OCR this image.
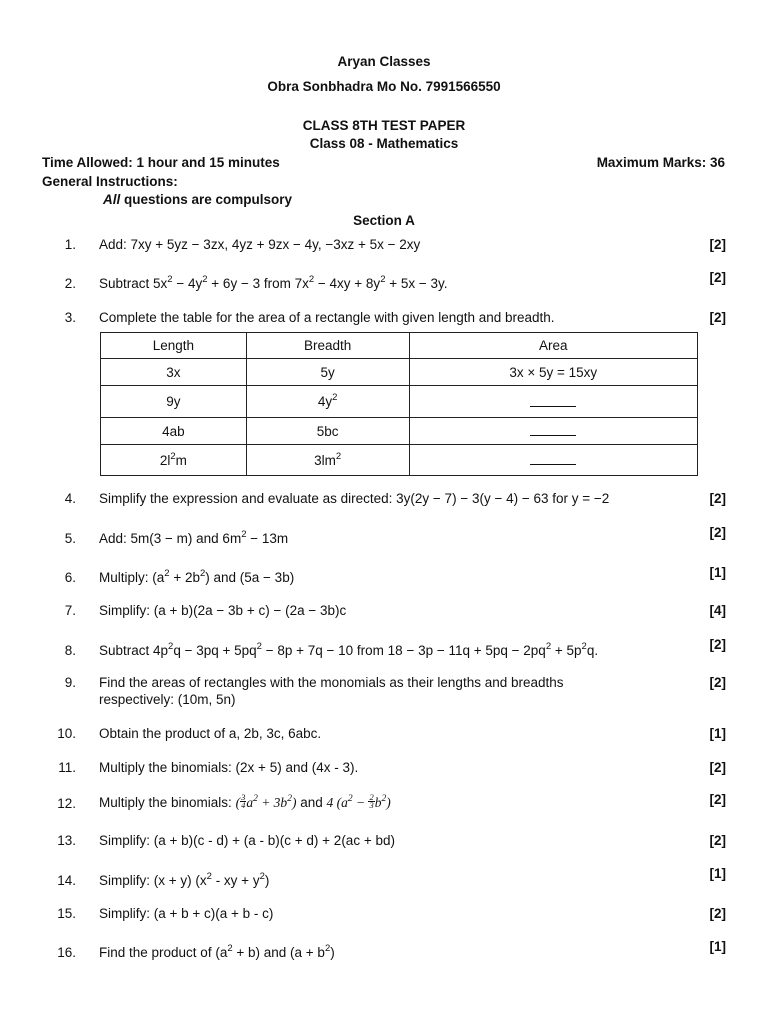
Aryan Classes
Obra Sonbhadra Mo No. 7991566550
CLASS 8TH TEST PAPER
Class 08 - Mathematics
Time Allowed: 1 hour and 15 minutes	Maximum Marks: 36
General Instructions:
All questions are compulsory
Section A
1. Add: 7xy + 5yz − 3zx, 4yz + 9zx − 4y, −3xz + 5x − 2xy	[2]
2. Subtract $5x^2 - 4y^2 + 6y - 3$ from $7x^2 - 4xy + 8y^2 + 5x - 3y$.	[2]
3. Complete the table for the area of a rectangle with given length and breadth.	[2]
Length	Breadth	Area
3x	5y	3x × 5y = 15xy
9y	$4y^2$	
4ab	5bc	
$2l^2m$	$3lm^2$	
4. Simplify the expression and evaluate as directed: 3y(2y − 7) − 3(y − 4) − 63 for y = −2	[2]
5. Add: 5m(3 − m) and $6m^2 - 13m$	[2]
6. Multiply: $(a^2 + 2b^2)$ and (5a − 3b)	[1]
7. Simplify: (a + b)(2a − 3b + c) − (2a − 3b)c	[4]
8. Subtract $4p^2q - 3pq + 5pq^2 - 8p + 7q - 10$ from $18 - 3p - 11q + 5pq - 2pq^2 + 5p^2q$.	[2]
9. Find the areas of rectangles with the monomials as their lengths and breadths respectively: (10m, 5n)
[2]
10. Obtain the product of a, 2b, 3c, 6abc.	[1]
11. Multiply the binomials: (2x + 5) and (4x - 3).	[2]
12. Multiply the binomials: ( $\frac{3}{4} a^2 + 3b^2$) and 4 $(a^2 - \frac{2}{3} b^2)$	[2]
13. Simplify: (a + b)(c - d) + (a - b)(c + d) + 2(ac + bd)	[2]
14. Simplify: (x + y) ($x^2$ - xy + $y^2$)	[1]
15. Simplify: (a + b + c)(a + b - c)	[2]
16. Find the product of $(a^2 + b)$ and $(a + b^2)$	[1]
